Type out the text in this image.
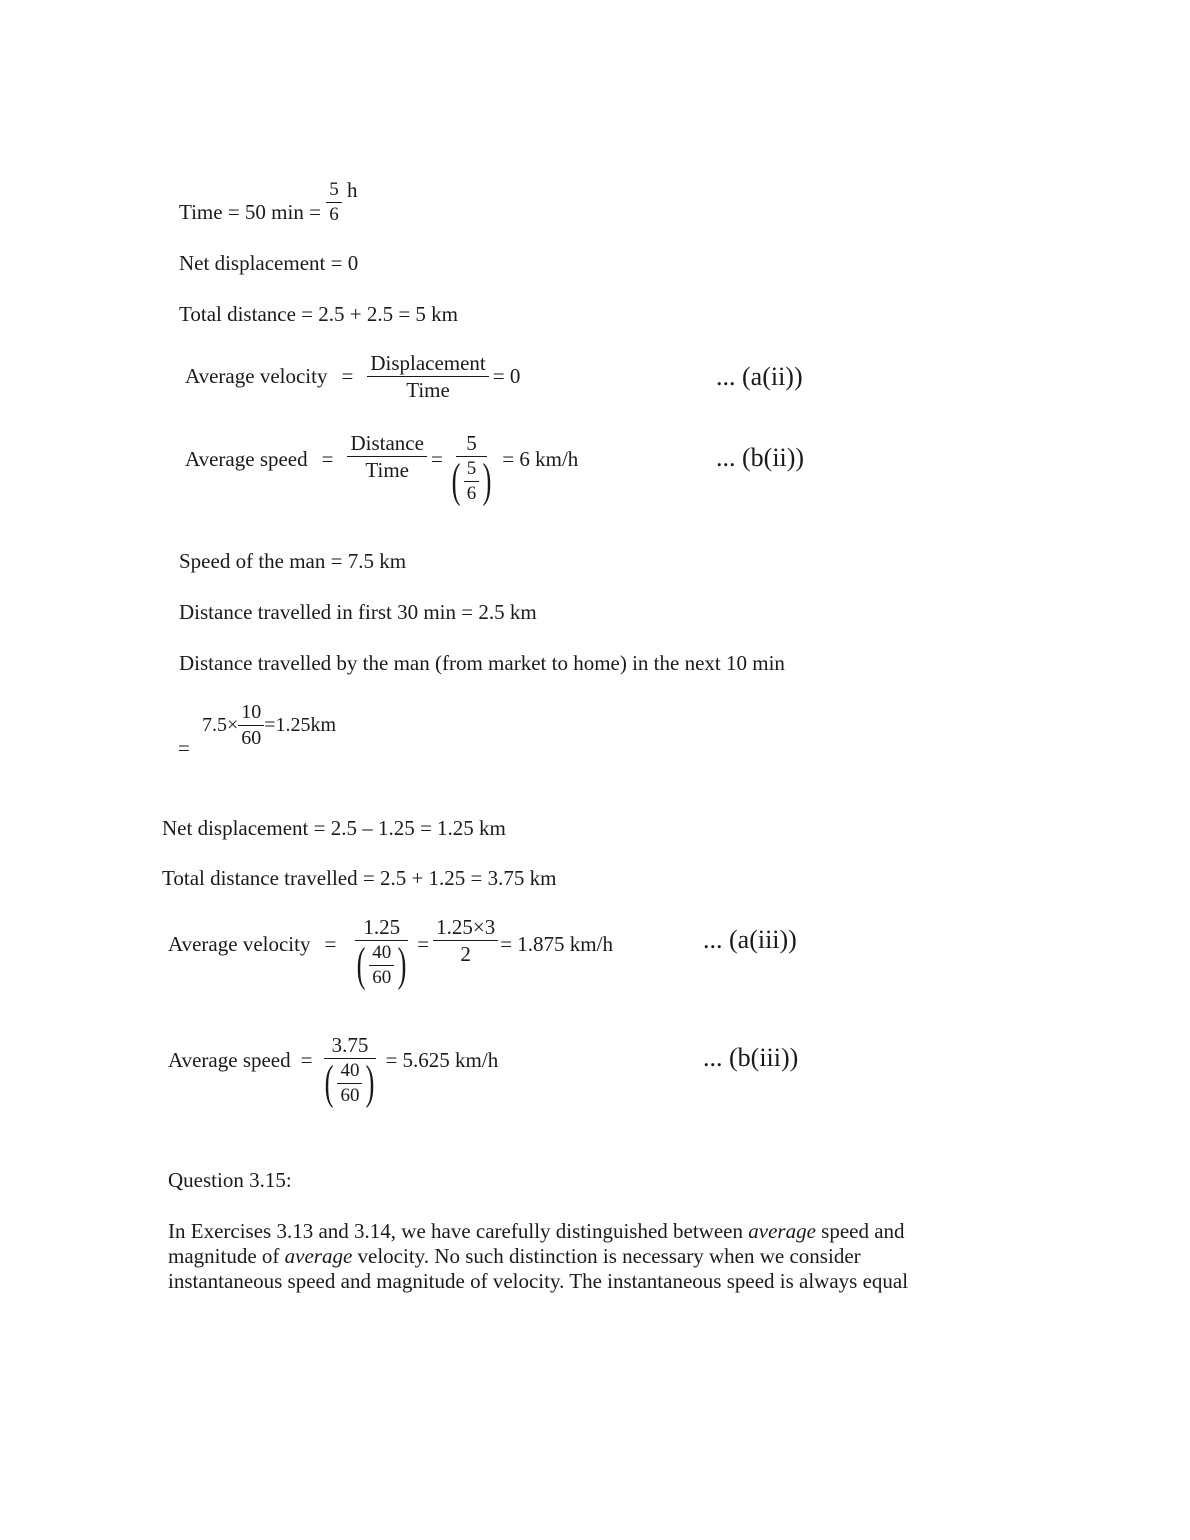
Time = 50 $\min = \frac{5}{6}$ h
Net displacement = 0
Total distance = 2.5 + 2.5 = 5 km
Average velocity = $\frac{\text{Displacement}}{\text{Time}} = 0$	... (a(ii))
Average speed = $\frac{\text{Distance}}{\text{Time}} = \frac{5}{( \frac{5}{6} )} = 6$ km/h	... (b(ii))
Speed of the man = 7.5 km
Distance travelled in first 30 min = 2.5 km
Distance travelled by the man (from market to home) in the next 10 min
=
$7.5\times \frac{10}{60} =1.25km$
Net displacement = 2.5 – 1.25 = 1.25 km
Total distance travelled = 2.5 + 1.25 = 3.75 km
Average velocity = $\frac{1.25}{( \frac{40}{60} )} = \frac{1.25\times 3}{2} = 1.875$ km/h	... (a(iii))
Average speed = $\frac{3.75}{( \frac{40}{60} )} = 5.625$ km/h	... (b(iii))
Question 3.15:
In Exercises 3.13 and 3.14, we have carefully distinguished between average speed and
magnitude of average velocity. No such distinction is necessary when we consider
instantaneous speed and magnitude of velocity. The instantaneous speed is always equal
